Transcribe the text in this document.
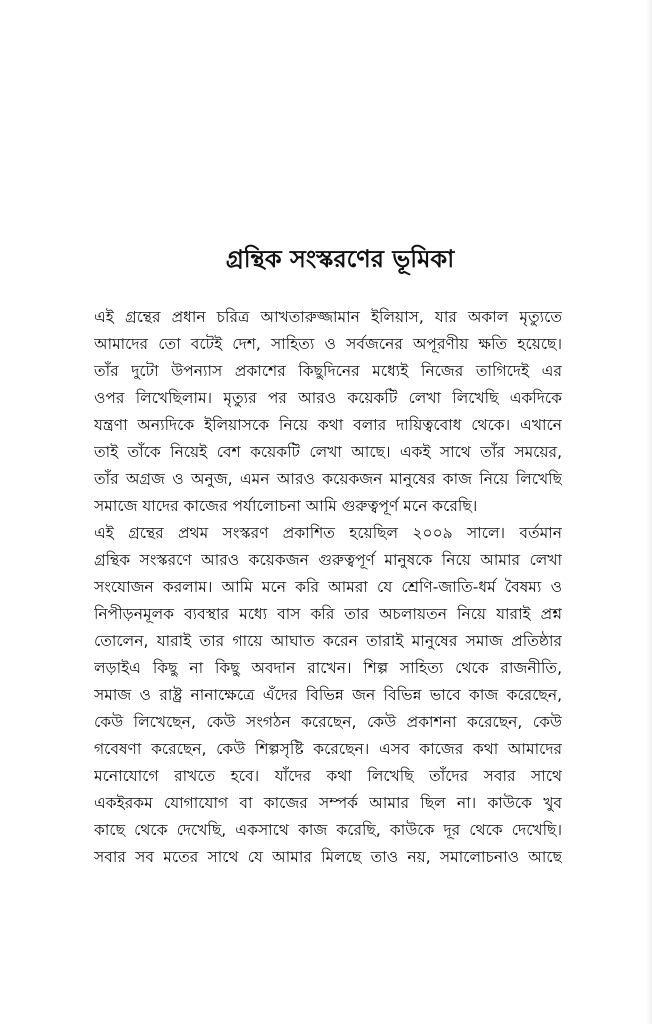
গ্রন্থিক সংস্করণের ভূমিকা
এই গ্রন্থের প্রধান চরিত্র আখতারুজ্জামান ইলিয়াস, যার অকাল মৃত্যুতে
আমাদের তো বটেই দেশ, সাহিত্য ও সর্বজনের অপূরণীয় ক্ষতি হয়েছে।
তাঁর দুটো উপন্যাস প্রকাশের কিছুদিনের মধ্যেই নিজের তাগিদেই এর
ওপর লিখেছিলাম। মৃত্যুর পর আরও কয়েকটি লেখা লিখেছি একদিকে
যন্ত্রণা অন্যদিকে ইলিয়াসকে নিয়ে কথা বলার দায়িত্ববোধ থেকে। এখানে
তাই তাঁকে নিয়েই বেশ কয়েকটি লেখা আছে। একই সাথে তাঁর সময়ের,
তাঁর অগ্রজ ও অনুজ, এমন আরও কয়েকজন মানুষের কাজ নিয়ে লিখেছি
সমাজে যাদের কাজের পর্যালোচনা আমি গুরুত্বপূর্ণ মনে করেছি।
এই গ্রন্থের প্রথম সংস্করণ প্রকাশিত হয়েছিল ২০০৯ সালে। বর্তমান
গ্রন্থিক সংস্করণে আরও কয়েকজন গুরুত্বপূর্ণ মানুষকে নিয়ে আমার লেখা
সংযোজন করলাম। আমি মনে করি আমরা যে শ্রেণি-জাতি-ধর্ম বৈষম্য ও
নিপীড়নমূলক ব্যবস্থার মধ্যে বাস করি তার অচলায়তন নিয়ে যারাই প্রশ্ন
তোলেন, যারাই তার গায়ে আঘাত করেন তারাই মানুষের সমাজ প্রতিষ্ঠার
লড়াইএ কিছু না কিছু অবদান রাখেন। শিল্প সাহিত্য থেকে রাজনীতি,
সমাজ ও রাষ্ট্র নানাক্ষেত্রে এঁদের বিভিন্ন জন বিভিন্ন ভাবে কাজ করেছেন,
কেউ লিখেছেন, কেউ সংগঠন করেছেন, কেউ প্রকাশনা করেছেন, কেউ
গবেষণা করেছেন, কেউ শিল্পসৃষ্টি করেছেন। এসব কাজের কথা আমাদের
মনোযোগে রাখতে হবে। যাঁদের কথা লিখেছি তাঁদের সবার সাথে
একইরকম যোগাযোগ বা কাজের সম্পর্ক আমার ছিল না। কাউকে খুব
কাছে থেকে দেখেছি, একসাথে কাজ করেছি, কাউকে দূর থেকে দেখেছি।
সবার সব মতের সাথে যে আমার মিলছে তাও নয়, সমালোচনাও আছে
